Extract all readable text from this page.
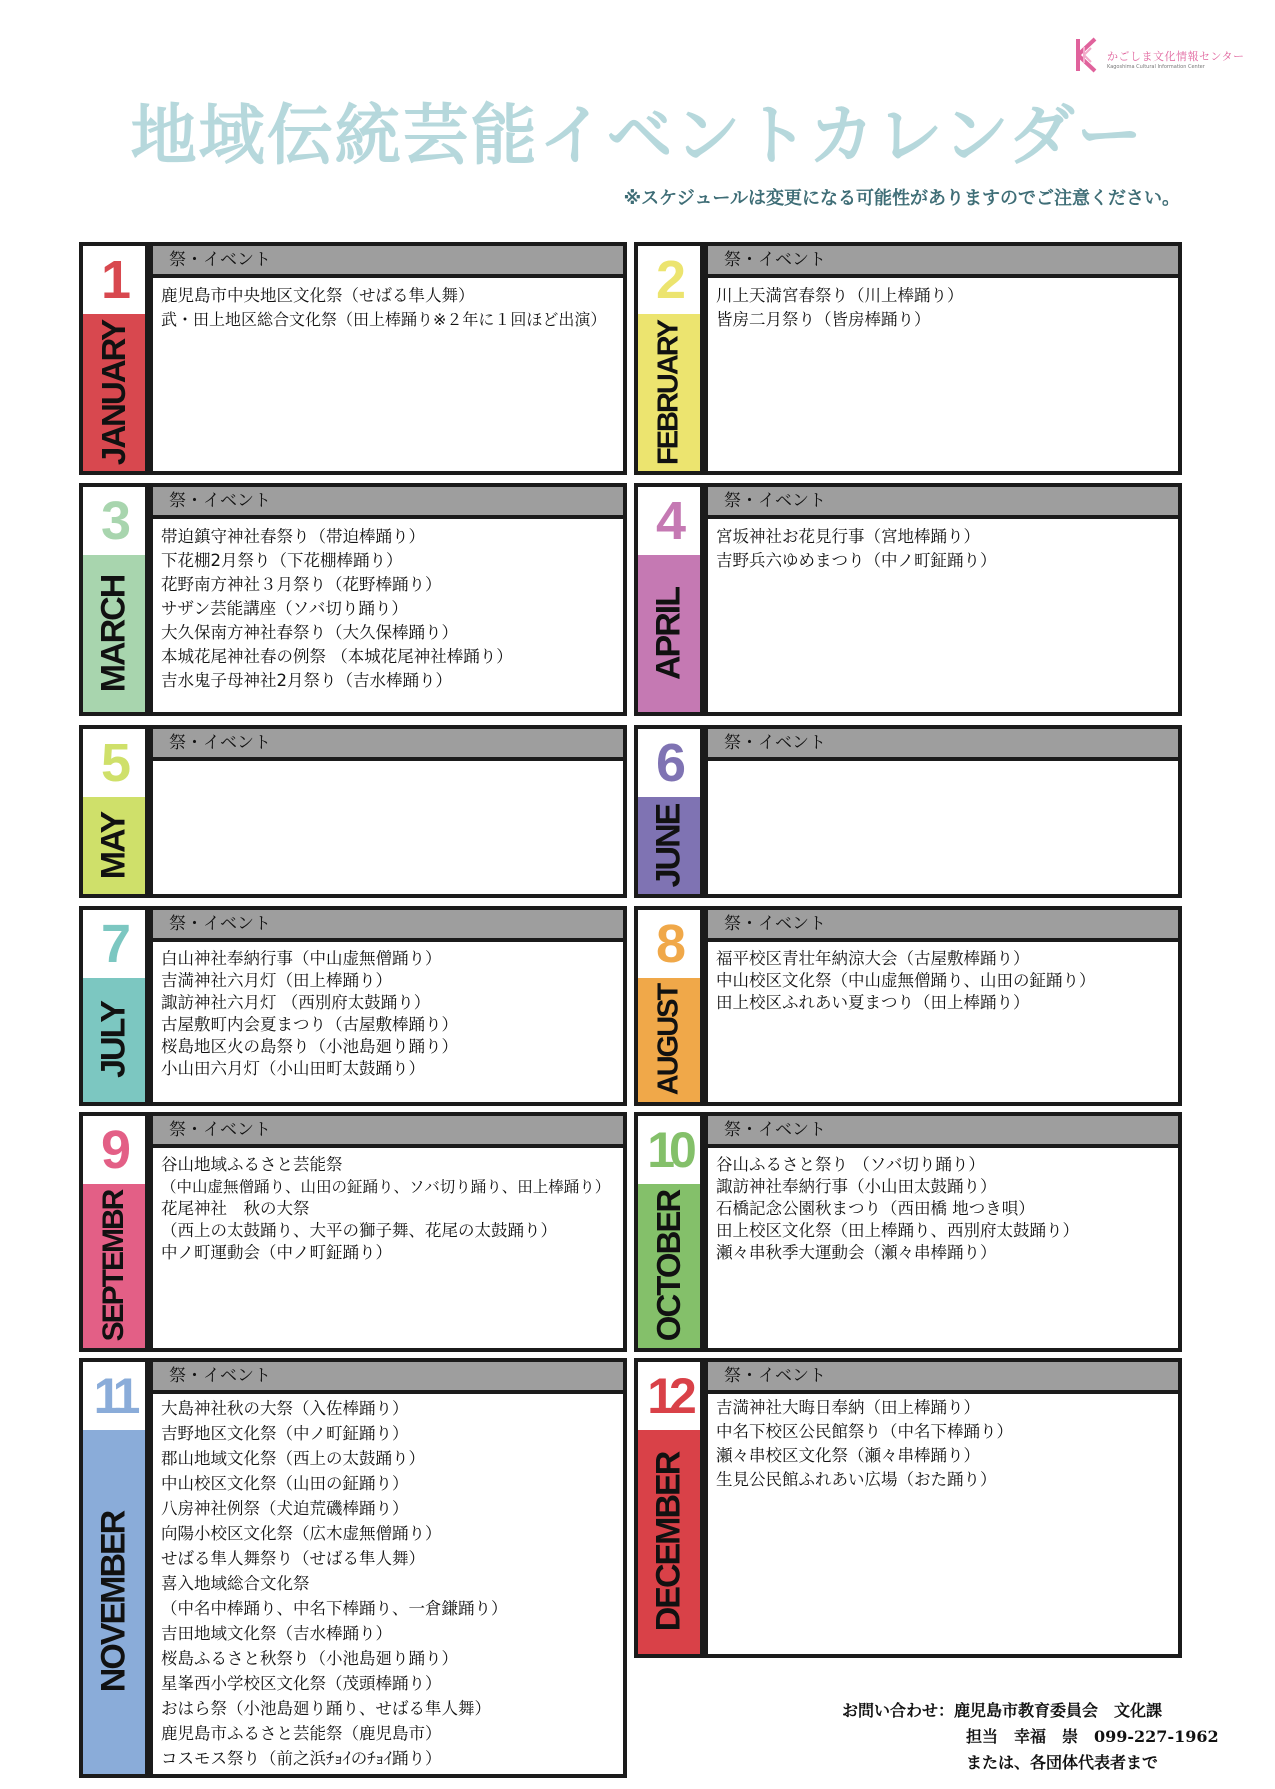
かごしま文化情報センター
Kagoshima Cultural Information Center
地域伝統芸能イベントカレンダー
※スケジュールは変更になる可能性がありますのでご注意ください。
1
JANUARY
祭・イベント
鹿児島市中央地区文化祭（せばる隼人舞）
武・田上地区総合文化祭（田上棒踊り※２年に１回ほど出演）
2
FEBRUARY
祭・イベント
川上天満宮春祭り（川上棒踊り）
皆房二月祭り（皆房棒踊り）
3
MARCH
祭・イベント
帯迫鎮守神社春祭り（帯迫棒踊り）
下花棚2月祭り（下花棚棒踊り）
花野南方神社３月祭り（花野棒踊り）
サザン芸能講座（ソバ切り踊り）
大久保南方神社春祭り（大久保棒踊り）
本城花尾神社春の例祭 （本城花尾神社棒踊り）
吉水鬼子母神社2月祭り（吉水棒踊り）
4
APRIL
祭・イベント
宮坂神社お花見行事（宮地棒踊り）
吉野兵六ゆめまつり（中ノ町鉦踊り）
5
MAY
祭・イベント	6
JUNE
祭・イベント
7
JULY
祭・イベント
白山神社奉納行事（中山虚無僧踊り）
吉満神社六月灯（田上棒踊り）
諏訪神社六月灯 （西別府太鼓踊り）
古屋敷町内会夏まつり（古屋敷棒踊り）
桜島地区火の島祭り（小池島廻り踊り）
小山田六月灯（小山田町太鼓踊り）
8
AUGUST
祭・イベント
福平校区青壮年納涼大会（古屋敷棒踊り）
中山校区文化祭（中山虚無僧踊り、山田の鉦踊り）
田上校区ふれあい夏まつり（田上棒踊り）
9
SEPTEMBR
祭・イベント
谷山地域ふるさと芸能祭
（中山虚無僧踊り、山田の鉦踊り、ソバ切り踊り、田上棒踊り）
花尾神社　秋の大祭
（西上の太鼓踊り、大平の獅子舞、花尾の太鼓踊り）
中ノ町運動会（中ノ町鉦踊り）
10
OCTOBER
祭・イベント
谷山ふるさと祭り （ソバ切り踊り）
諏訪神社奉納行事（小山田太鼓踊り）
石橋記念公園秋まつり（西田橋 地つき唄）
田上校区文化祭（田上棒踊り、西別府太鼓踊り）
瀬々串秋季大運動会（瀬々串棒踊り）
11
NOVEMBER
祭・イベント
大島神社秋の大祭（入佐棒踊り）
吉野地区文化祭（中ノ町鉦踊り）
郡山地域文化祭（西上の太鼓踊り）
中山校区文化祭（山田の鉦踊り）
八房神社例祭（犬迫荒磯棒踊り）
向陽小校区文化祭（広木虚無僧踊り）
せばる隼人舞祭り（せばる隼人舞）
喜入地域総合文化祭
（中名中棒踊り、中名下棒踊り、一倉鎌踊り）
吉田地域文化祭（吉水棒踊り）
桜島ふるさと秋祭り（小池島廻り踊り）
星峯西小学校区文化祭（茂頭棒踊り）
おはら祭（小池島廻り踊り、せばる隼人舞）
鹿児島市ふるさと芸能祭（鹿児島市）
コスモス祭り（前之浜ﾁｮｲのﾁｮｲ踊り）
12
DECEMBER
祭・イベント
吉満神社大晦日奉納（田上棒踊り）
中名下校区公民館祭り（中名下棒踊り）
瀬々串校区文化祭（瀬々串棒踊り）
生見公民館ふれあい広場（おた踊り）
お問い合わせ：鹿児島市教育委員会　文化課
担当　幸福　崇　099-227-1962
または、各団体代表者まで
